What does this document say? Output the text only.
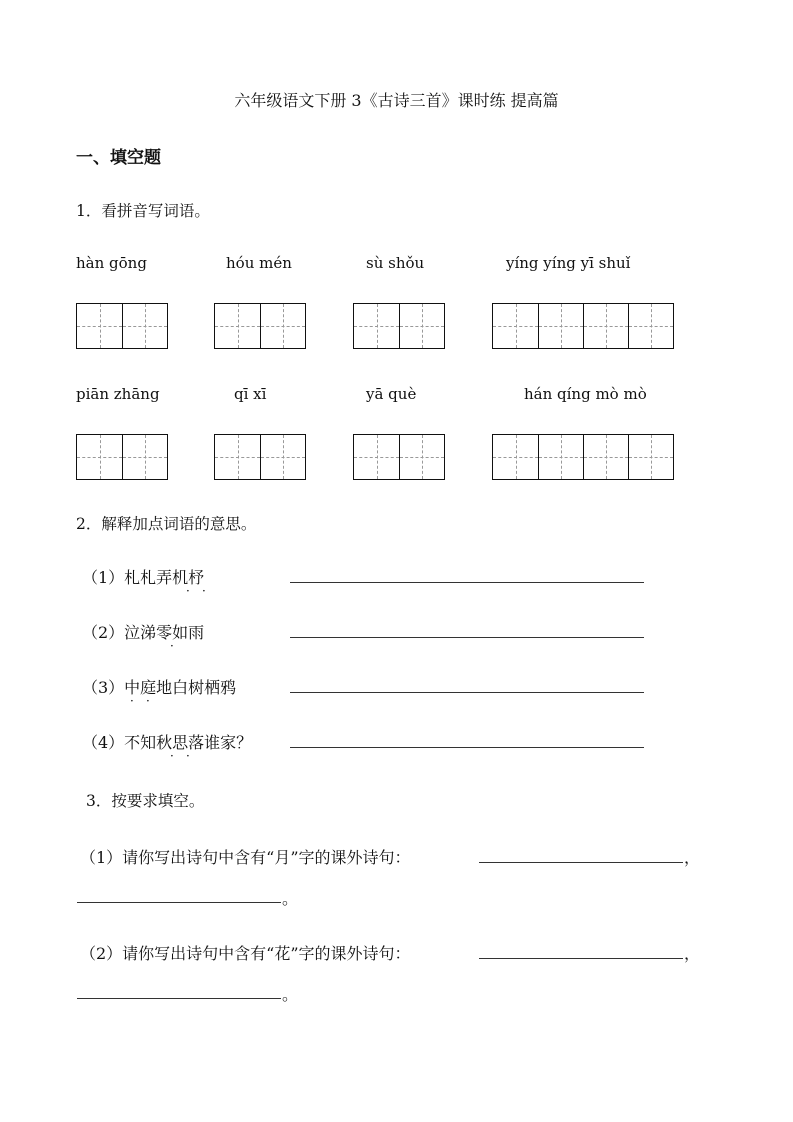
六年级语文下册 3《古诗三首》课时练 提高篇
一、填空题
1．看拼音写词语。
hàn gōng	hóu mén	sù shǒu	yíng yíng yī shuǐ
piān zhāng	qī xī	yā què	hán qíng mò mò
2．解释加点词语的意思。
（1）札札弄机杼
· ·
（2）泣涕零如雨
·
（3）中庭地白树栖鸦
· ·
（4）不知秋思落谁家？
· ·
3．按要求填空。
（1）请你写出诗句中含有“月”字的课外诗句：	，
。
（2）请你写出诗句中含有“花”字的课外诗句：	，
。
